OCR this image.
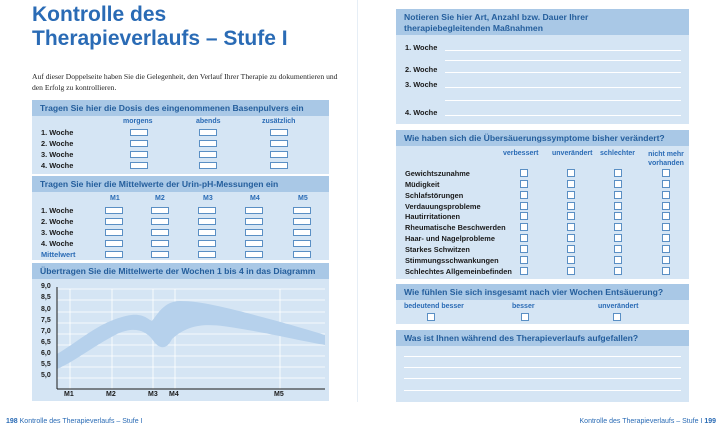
Kontrolle des
Therapieverlaufs – Stufe I
Auf dieser Doppelseite haben Sie die Gelegenheit, den Verlauf Ihrer Therapie zu dokumentieren und den Erfolg zu kontrollieren.
Tragen Sie hier die Dosis des eingenommenen Basenpulvers ein
morgens	abends	zusätzlich
1. Woche
2. Woche
3. Woche
4. Woche
Tragen Sie hier die Mittelwerte der Urin-pH-Messungen ein
M1	M2	M3	M4	M5
1. Woche
2. Woche
3. Woche
4. Woche
Mittelwert
Übertragen Sie die Mittelwerte der Wochen 1 bis 4 in das Diagramm
9,0
8,5
8,0
7,5
7,0
6,5
6,0
5,5
5,0
M1	M2	M3 M4	M5
Notieren Sie hier Art, Anzahl bzw. Dauer Ihrer
therapiebegleitenden Maßnahmen
1. Woche
2. Woche
3. Woche
4. Woche
Wie haben sich die Übersäuerungssymptome bisher verändert?
verbessert unverändert schlechter	nicht mehr vorhanden
Gewichtszunahme
Müdigkeit
Schlafstörungen
Verdauungsprobleme
Hautirritationen
Rheumatische Beschwerden
Haar- und Nagelprobleme
Starkes Schwitzen
Stimmungsschwankungen
Schlechtes Allgemeinbefinden
Wie fühlen Sie sich insgesamt nach vier Wochen Entsäuerung?
bedeutend besser	besser	unverändert
Was ist Ihnen während des Therapieverlaufs aufgefallen?
198 Kontrolle des Therapieverlaufs – Stufe I	Kontrolle des Therapieverlaufs – Stufe I 199
